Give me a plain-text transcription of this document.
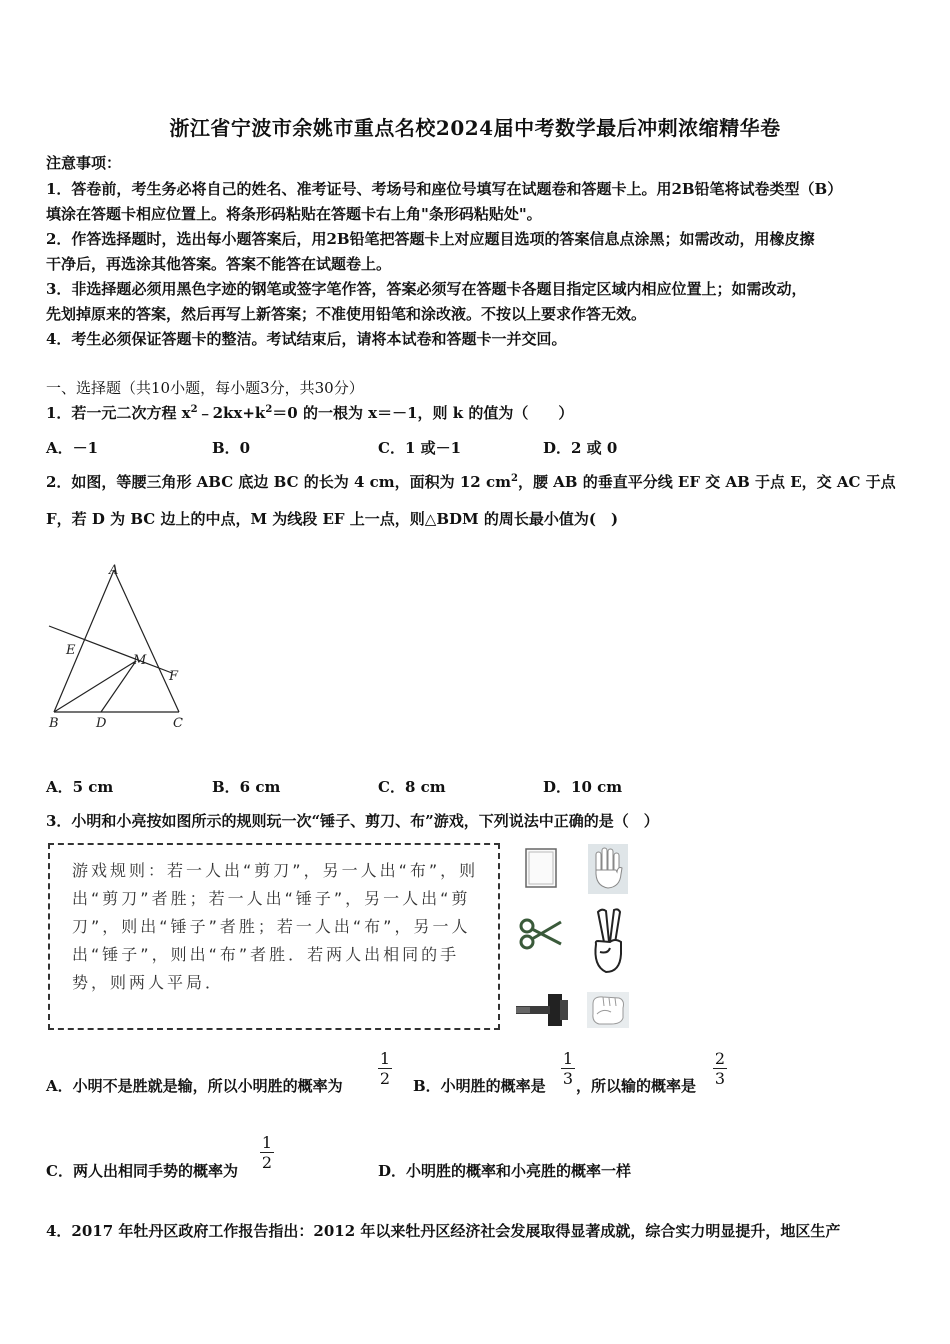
浙江省宁波市余姚市重点名校2024届中考数学最后冲刺浓缩精华卷
注意事项：
1．答卷前，考生务必将自己的姓名、准考证号、考场号和座位号填写在试题卷和答题卡上。用2B铅笔将试卷类型（B）
填涂在答题卡相应位置上。将条形码粘贴在答题卡右上角"条形码粘贴处"。
2．作答选择题时，选出每小题答案后，用2B铅笔把答题卡上对应题目选项的答案信息点涂黑；如需改动，用橡皮擦
干净后，再选涂其他答案。答案不能答在试题卷上。
3．非选择题必须用黑色字迹的钢笔或签字笔作答，答案必须写在答题卡各题目指定区域内相应位置上；如需改动，
先划掉原来的答案，然后再写上新答案；不准使用铅笔和涂改液。不按以上要求作答无效。
4．考生必须保证答题卡的整洁。考试结束后，请将本试卷和答题卡一并交回。
一、选择题（共10小题，每小题3分，共30分）
1．若一元二次方程 $x^2﹣2kx+k^2=0$ 的一根为 x＝－1，则 k 的值为（　　）
A．－1	B．0	C．1 或－1	D．2 或 0
2．如图，等腰三角形 ABC 底边 BC 的长为 4 cm，面积为 12 $cm^2$，腰 AB 的垂直平分线 EF 交 AB 于点 E，交 AC 于点
F，若 D 为 BC 边上的中点，M 为线段 EF 上一点，则△BDM 的周长最小值为(　)
A
E
M
F
B	D	C
A．5 cm	B．6 cm	C．8 cm	D．10 cm
3．小明和小亮按如图所示的规则玩一次“锤子、剪刀、布”游戏，下列说法中正确的是（　）
游戏规则：若一人出“剪刀”，另一人出“布”，则出“剪刀”者胜；若一人出“锤子”，另一人出“剪刀”，则出“锤子”者胜；若一人出“布”，另一人出“锤子”，则出“布”者胜．若两人出相同的手势，则两人平局．
A．小明不是胜就是输，所以小明胜的概率为
1
2 B．小明胜的概率是
1
3 ，所以输的概率是
2
3
C．两人出相同手势的概率为
1
2	D．小明胜的概率和小亮胜的概率一样
4．2017 年牡丹区政府工作报告指出：2012 年以来牡丹区经济社会发展取得显著成就，综合实力明显提升，地区生产
